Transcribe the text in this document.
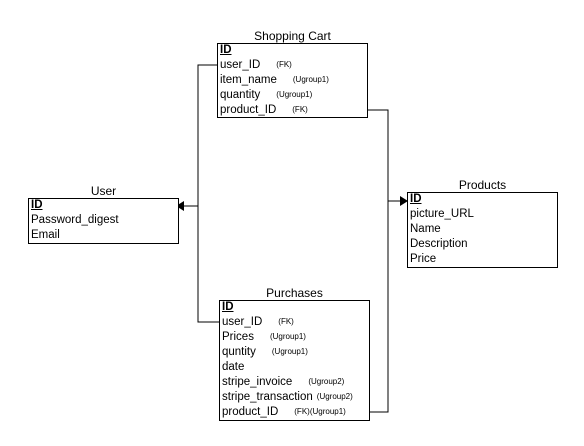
Shopping Cart
ID
user_ID (FK)
item_name (Ugroup1)
quantity (Ugroup1)
product_ID (FK)
User
ID
Password_digest
Email
Products
ID
picture_URL
Name
Description
Price
Purchases
ID
user_ID (FK)
Prices (Ugroup1)
quntity (Ugroup1)
date
stripe_invoice (Ugroup2)
stripe_transaction (Ugroup2)
product_ID (FK)(Ugroup1)
